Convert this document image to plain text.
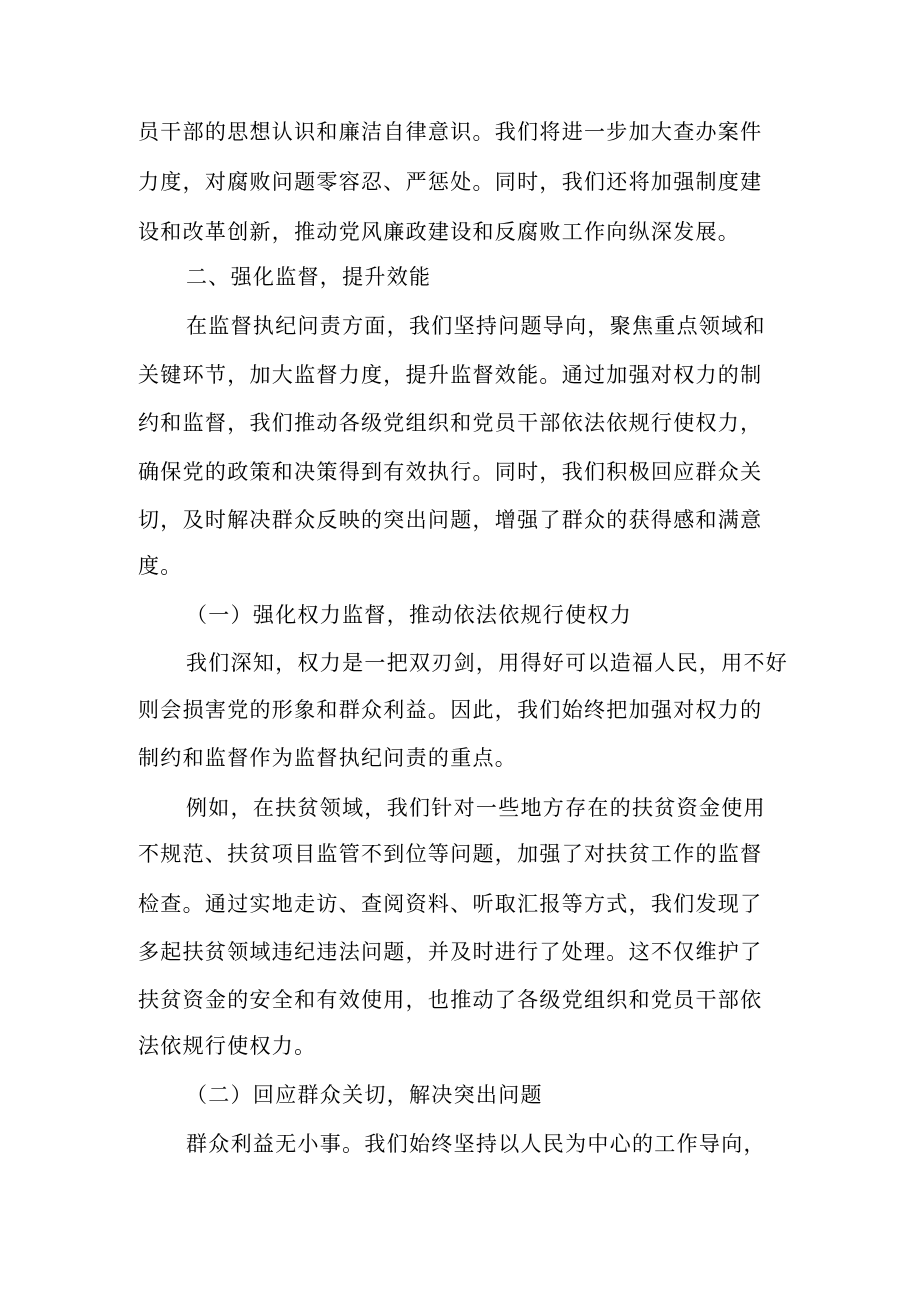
员干部的思想认识和廉洁自律意识。我们将进一步加大查办案件
力度，对腐败问题零容忍、严惩处。同时，我们还将加强制度建
设和改革创新，推动党风廉政建设和反腐败工作向纵深发展。
二、强化监督，提升效能
在监督执纪问责方面，我们坚持问题导向，聚焦重点领域和
关键环节，加大监督力度，提升监督效能。通过加强对权力的制
约和监督，我们推动各级党组织和党员干部依法依规行使权力，
确保党的政策和决策得到有效执行。同时，我们积极回应群众关
切，及时解决群众反映的突出问题，增强了群众的获得感和满意
度。
（一）强化权力监督，推动依法依规行使权力
我们深知，权力是一把双刃剑，用得好可以造福人民，用不好
则会损害党的形象和群众利益。因此，我们始终把加强对权力的
制约和监督作为监督执纪问责的重点。
例如，在扶贫领域，我们针对一些地方存在的扶贫资金使用
不规范、扶贫项目监管不到位等问题，加强了对扶贫工作的监督
检查。通过实地走访、查阅资料、听取汇报等方式，我们发现了
多起扶贫领域违纪违法问题，并及时进行了处理。这不仅维护了
扶贫资金的安全和有效使用，也推动了各级党组织和党员干部依
法依规行使权力。
（二）回应群众关切，解决突出问题
群众利益无小事。我们始终坚持以人民为中心的工作导向，
